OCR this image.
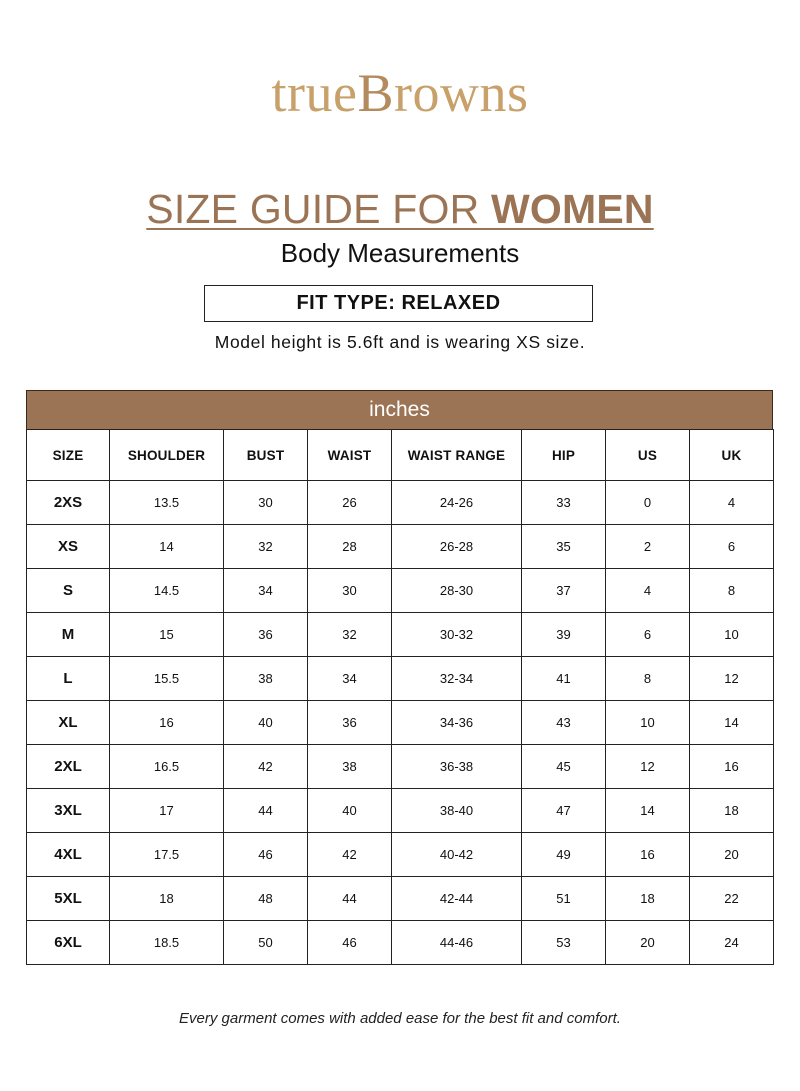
trueBrowns
SIZE GUIDE FOR WOMEN
Body Measurements
FIT TYPE: RELAXED
Model height is 5.6ft and is wearing XS size.
inches
SIZE	SHOULDER	BUST	WAIST	WAIST RANGE	HIP	US	UK
2XS	13.5	30	26	24-26	33	0	4
XS	14	32	28	26-28	35	2	6
S	14.5	34	30	28-30	37	4	8
M	15	36	32	30-32	39	6	10
L	15.5	38	34	32-34	41	8	12
XL	16	40	36	34-36	43	10	14
2XL	16.5	42	38	36-38	45	12	16
3XL	17	44	40	38-40	47	14	18
4XL	17.5	46	42	40-42	49	16	20
5XL	18	48	44	42-44	51	18	22
6XL	18.5	50	46	44-46	53	20	24
Every garment comes with added ease for the best fit and comfort.
